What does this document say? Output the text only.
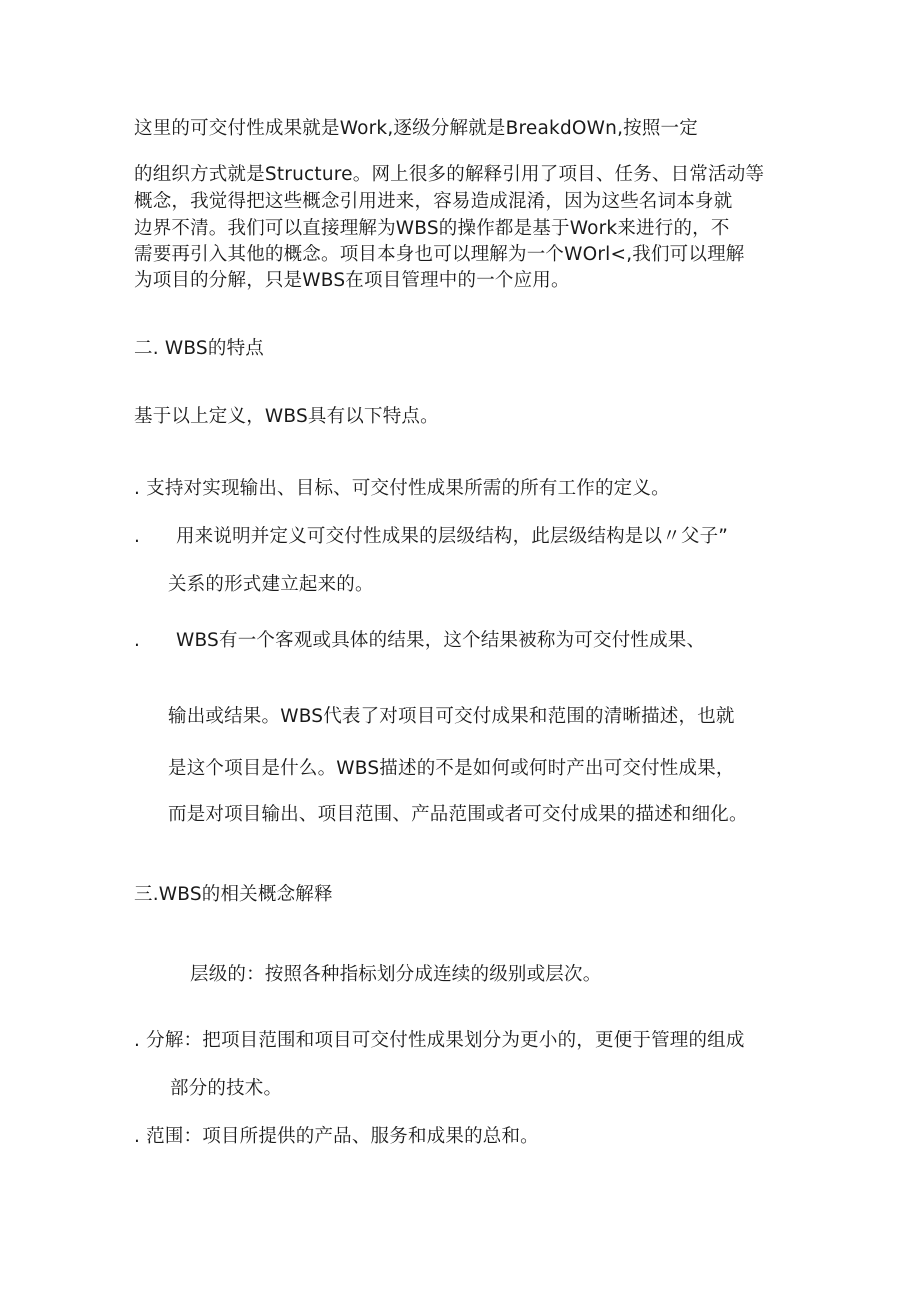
这里的可交付性成果就是Work,逐级分解就是BreakdOWn,按照一定
的组织方式就是Structure。网上很多的解释引用了项目、任务、日常活动等
概念，我觉得把这些概念引用进来，容易造成混淆，因为这些名词本身就
边界不清。我们可以直接理解为WBS的操作都是基于Work来进行的，不
需要再引入其他的概念。项目本身也可以理解为一个WOrl<,我们可以理解
为项目的分解，只是WBS在项目管理中的一个应用。
二. WBS的特点
基于以上定义，WBS具有以下特点。
. 支持对实现输出、目标、可交付性成果所需的所有工作的定义。
. 用来说明并定义可交付性成果的层级结构，此层级结构是以〃父子”
关系的形式建立起来的。
. WBS有一个客观或具体的结果，这个结果被称为可交付性成果、
输出或结果。WBS代表了对项目可交付成果和范围的清晰描述，也就
是这个项目是什么。WBS描述的不是如何或何时产出可交付性成果，
而是对项目输出、项目范围、产品范围或者可交付成果的描述和细化。
三.WBS的相关概念解释
层级的：按照各种指标划分成连续的级别或层次。
. 分解：把项目范围和项目可交付性成果划分为更小的，更便于管理的组成
部分的技术。
. 范围：项目所提供的产品、服务和成果的总和。
